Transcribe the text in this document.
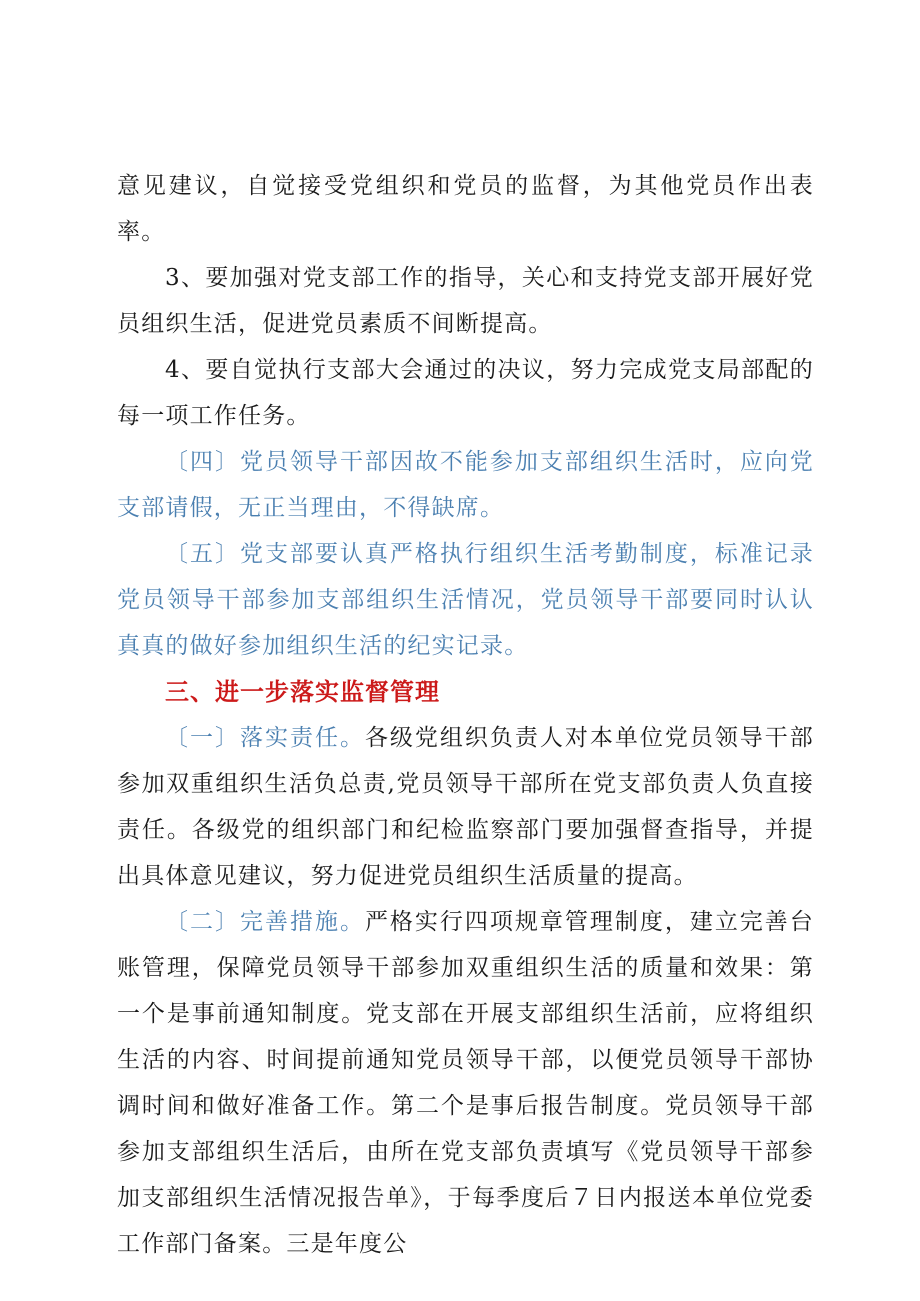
意见建议，自觉接受党组织和党员的监督，为其他党员作出表率。

3、要加强对党支部工作的指导，关心和支持党支部开展好党员组织生活，促进党员素质不间断提高。

4、要自觉执行支部大会通过的决议，努力完成党支局部配的每一项工作任务。

〔四〕党员领导干部因故不能参加支部组织生活时，应向党支部请假，无正当理由，不得缺席。

〔五〕党支部要认真严格执行组织生活考勤制度，标准记录党员领导干部参加支部组织生活情况，党员领导干部要同时认认真真的做好参加组织生活的纪实记录。

三、进一步落实监督管理

〔一〕落实责任。各级党组织负责人对本单位党员领导干部参加双重组织生活负总责,党员领导干部所在党支部负责人负直接责任。各级党的组织部门和纪检监察部门要加强督查指导，并提出具体意见建议，努力促进党员组织生活质量的提高。

〔二〕完善措施。严格实行四项规章管理制度，建立完善台账管理，保障党员领导干部参加双重组织生活的质量和效果：第一个是事前通知制度。党支部在开展支部组织生活前，应将组织生活的内容、时间提前通知党员领导干部，以便党员领导干部协调时间和做好准备工作。第二个是事后报告制度。党员领导干部参加支部组织生活后，由所在党支部负责填写《党员领导干部参加支部组织生活情况报告单》，于每季度后７日内报送本单位党委工作部门备案。三是年度公
